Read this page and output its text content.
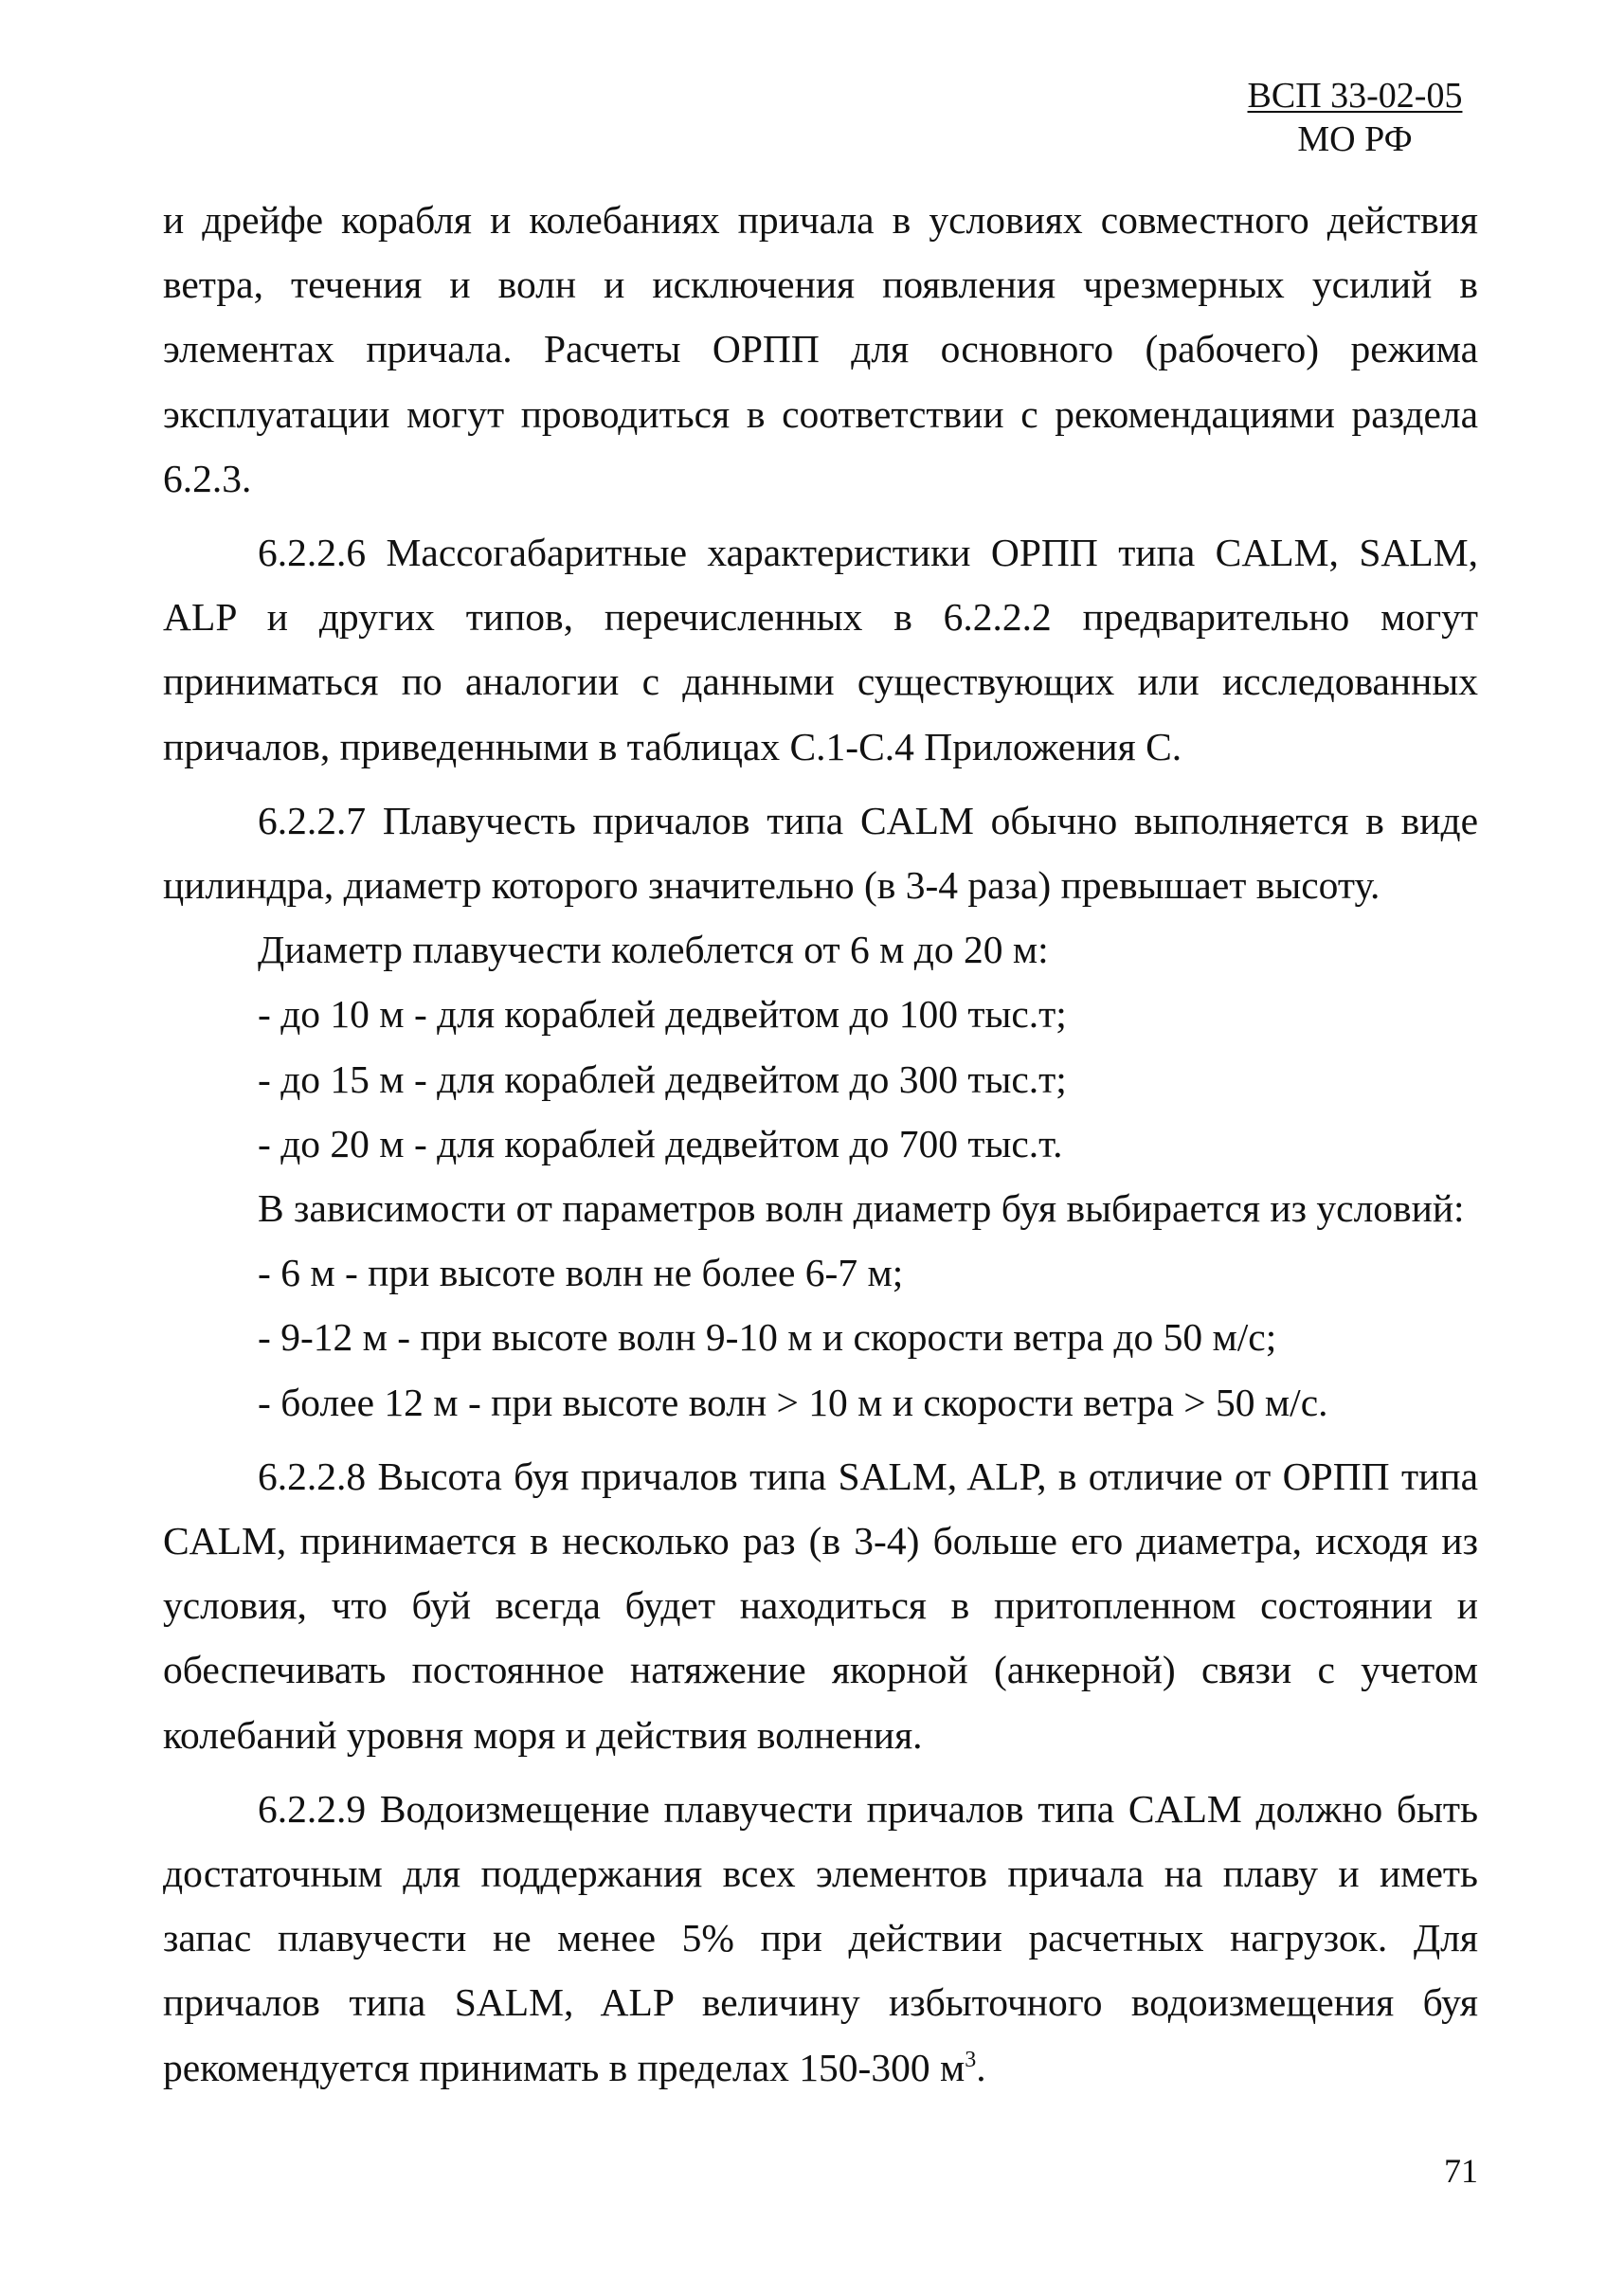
ВСП 33-02-05
МО РФ

и дрейфе корабля и колебаниях причала в условиях совместного действия ветра, течения и волн и исключения появления чрезмерных усилий в элементах причала. Расчеты ОРПП для основного (рабочего) режима эксплуатации могут проводиться в соответствии с рекомендациями раздела 6.2.3.

6.2.2.6 Массогабаритные характеристики ОРПП типа CALM, SALM, ALP и других типов, перечисленных в 6.2.2.2 предварительно могут приниматься по аналогии с данными существующих или исследованных причалов, приведенными в таблицах С.1-С.4 Приложения С.

6.2.2.7 Плавучесть причалов типа CALM обычно выполняется в виде цилиндра, диаметр которого значительно (в 3-4 раза) превышает высоту.

Диаметр плавучести колеблется от 6 м до 20 м:

- до 10 м - для кораблей дедвейтом до 100 тыс.т;

- до 15 м - для кораблей дедвейтом до 300 тыс.т;

- до 20 м - для кораблей дедвейтом до 700 тыс.т.

В зависимости от параметров волн диаметр буя выбирается из условий:

- 6 м - при высоте волн не более 6-7 м;

- 9-12 м - при высоте волн 9-10 м и скорости ветра до 50 м/с;

- более 12 м - при высоте волн > 10 м и скорости ветра > 50 м/с.

6.2.2.8 Высота буя причалов типа SALM, ALP, в отличие от ОРПП типа CALM, принимается в несколько раз (в 3-4) больше его диаметра, исходя из условия, что буй всегда будет находиться в притопленном состоянии и обеспечивать постоянное натяжение якорной (анкерной) связи с учетом колебаний уровня моря и действия волнения.

6.2.2.9 Водоизмещение плавучести причалов типа CALM должно быть достаточным для поддержания всех элементов причала на плаву и иметь запас плавучести не менее 5% при действии расчетных нагрузок. Для причалов типа SALM, ALP величину избыточного водоизмещения буя рекомендуется принимать в пределах 150-300 $м^3$.

71
